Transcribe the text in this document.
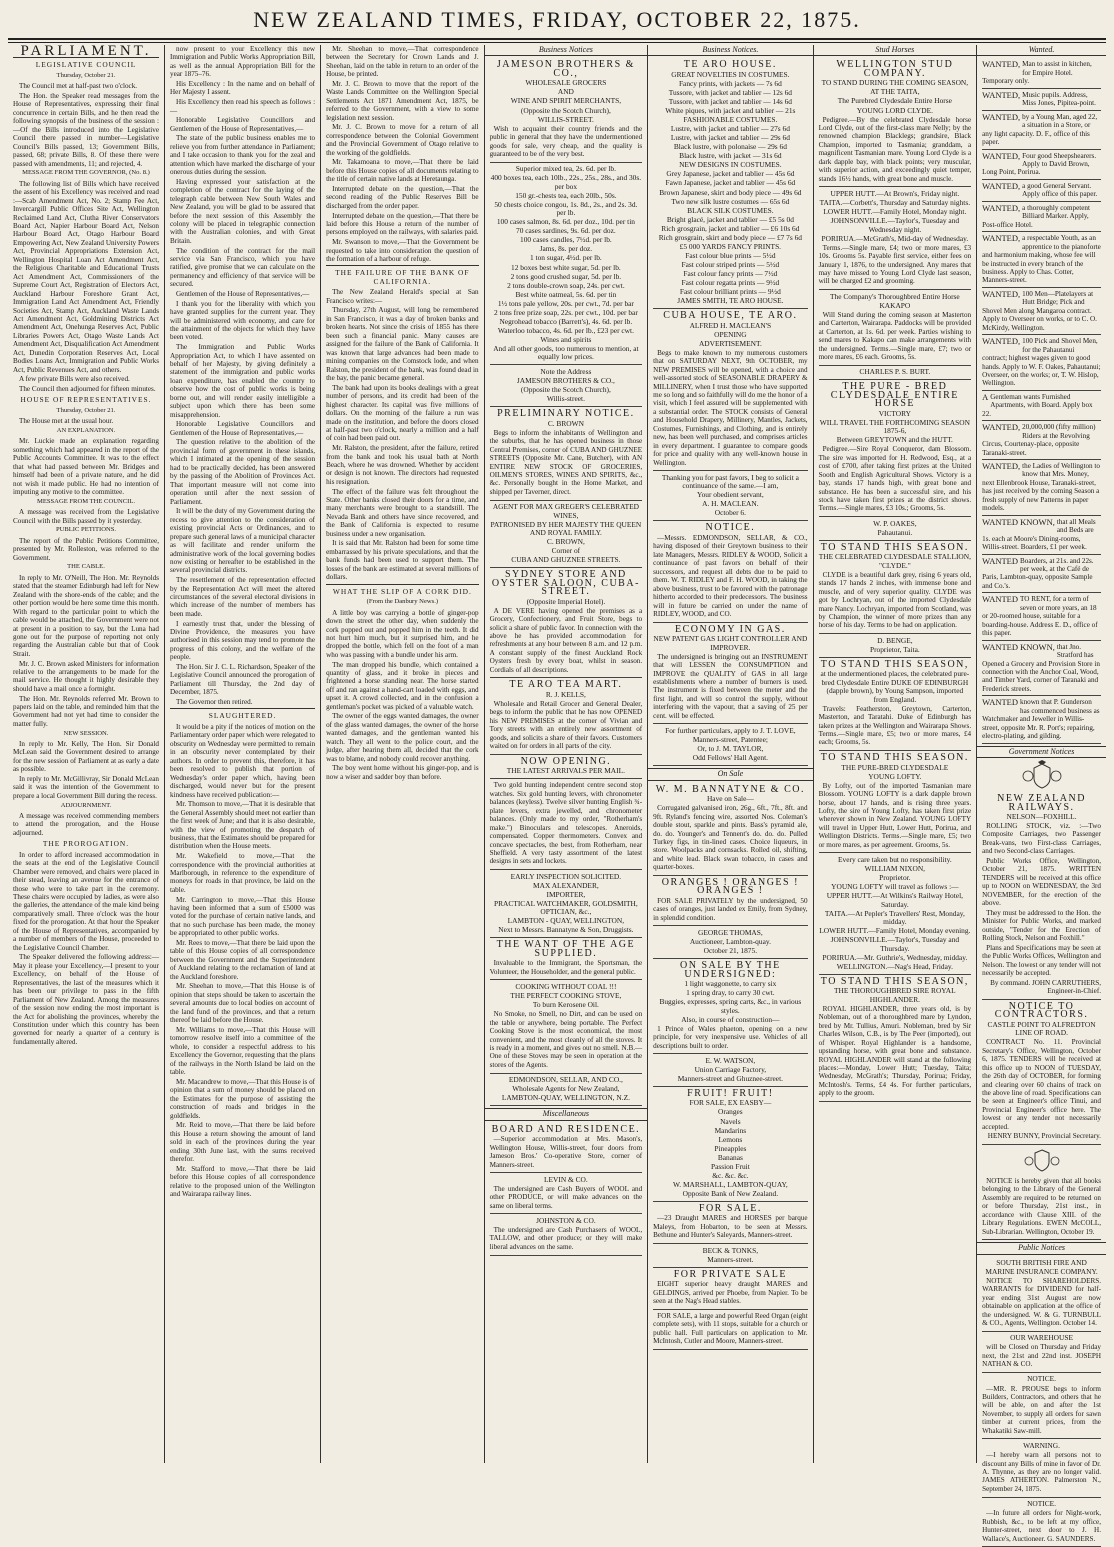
NEW ZEALAND TIMES, FRIDAY, OCTOBER 22, 1875.
PARLIAMENT.
LEGISLATIVE COUNCIL
Thursday, October 21.

The Council met at half-past two o'clock.

The Hon. the Speaker read messages from the House of Representatives, expressing their final concurrence in certain Bills, and he then read the following synopsis of the business of the session :—Of the Bills introduced into the Legislative Council there passed in number—Legislative Council's Bills passed, 13; Government Bills, passed, 68; private Bills, 8. Of these there were passed with amendments, 11; and rejected, 4.

MESSAGE FROM THE GOVERNOR, (No. 8.)

The following list of Bills which have received the assent of his Excellency was received and read :—Scab Amendment Act, No. 2; Stamp Fee Act, Invercargill Public Offices Site Act, Wellington Reclaimed Land Act, Clutha River Conservators Board Act, Napier Harbour Board Act, Nelson Harbour Board Act, Otago Harbour Board Empowering Act, New Zealand University Powers Act, Provincial Appropriations Extension Act, Wellington Hospital Loan Act Amendment Act, the Religious Charitable and Educational Trusts Act Amendment Act, Commissioners of the Supreme Court Act, Registration of Electors Act, Auckland Harbour Foreshore Grant Act, Immigration Land Act Amendment Act, Friendly Societies Act, Stamp Act, Auckland Waste Lands Act Amendment Act, Goldmining Districts Act Amendment Act, Onehunga Reserves Act, Public Libraries Powers Act, Otago Waste Lands Act Amendment Act, Disqualification Act Amendment Act, Dunedin Corporation Reserves Act, Local Bodies Loans Act, Immigration and Public Works Act, Public Revenues Act, and others.

A few private Bills were also received.

The Council then adjourned for fifteen minutes.

HOUSE OF REPRESENTATIVES.
Thursday, October 21.

The House met at the usual hour.

AN EXPLANATION.

Mr. Luckie made an explanation regarding something which had appeared in the report of the Public Accounts Committee. It was to the effect that what had passed between Mr. Bridges and himself had been of a private nature, and he did not wish it made public. He had no intention of imputing any motive to the committee.

MESSAGE FROM THE COUNCIL.

A message was received from the Legislative Council with the Bills passed by it yesterday.

PUBLIC PETITIONS.

The report of the Public Petitions Committee, presented by Mr. Rolleston, was referred to the Government.

THE CABLE.

In reply to Mr. O'Neill, The Hon. Mr. Reynolds stated that the steamer Edinburgh had left for New Zealand with the shore-ends of the cable; and the other portion would be here some time this month. With regard to the particular point to which the cable would be attached, the Government were not at present in a position to say, but the Luna had gone out for the purpose of reporting not only regarding the Australian cable but that of Cook Strait.

Mr. J. C. Brown asked Ministers for information relative to the arrangements to be made for the mail service. He thought it highly desirable they should have a mail once a fortnight.

The Hon. Mr. Reynolds referred Mr. Brown to papers laid on the table, and reminded him that the Government had not yet had time to consider the matter fully.

NEW SESSION.

In reply to Mr. Kelly, The Hon. Sir Donald McLean said the Government desired to arrange for the new session of Parliament at as early a date as possible.

In reply to Mr. McGillivray, Sir Donald McLean said it was the intention of the Government to prepare a local Government Bill during the recess.

ADJOURNMENT.

A message was received commending members to attend the prorogation, and the House adjourned.

THE PROROGATION.

In order to afford increased accommodation in the seats at the end of the Legislative Council Chamber were removed, and chairs were placed in their stead, leaving an avenue for the entrance of those who were to take part in the ceremony. These chairs were occupied by ladies, as were also the galleries, the attendance of the male kind being comparatively small. Three o'clock was the hour fixed for the prorogation. At that hour the Speaker of the House of Representatives, accompanied by a number of members of the House, proceeded to the Legislative Council Chamber.

The Speaker delivered the following address:—May it please your Excellency,—I present to your Excellency, on behalf of the House of Representatives, the last of the measures which it has been our privilege to pass in the fifth Parliament of New Zealand. Among the measures of the session now ending the most important is the Act for abolishing the provinces, whereby the Constitution under which this country has been governed for nearly a quarter of a century is fundamentally altered.

now present to your Excellency this new Immigration and Public Works Appropriation Bill, as well as the annual Appropriation Bill for the year 1875–76.

His Excellency : In the name and on behalf of Her Majesty I assent.

His Excellency then read his speech as follows :—

Honorable Legislative Councillors and Gentlemen of the House of Representatives,—

The state of the public business enables me to relieve you from further attendance in Parliament; and I take occasion to thank you for the zeal and attention which have marked the discharge of your onerous duties during the session.

Having expressed your satisfaction at the completion of the contract for the laying of the telegraph cable between New South Wales and New Zealand, you will be glad to be assured that before the next session of this Assembly the colony will be placed in telegraphic connection with the Australian colonies, and with Great Britain.

The condition of the contract for the mail service via San Francisco, which you have ratified, give promise that we can calculate on the permanency and efficiency of that service will be secured.

Gentlemen of the House of Representatives,—

I thank you for the liberality with which you have granted supplies for the current year. They will be administered with economy, and care for the attainment of the objects for which they have been voted.

The Immigration and Public Works Appropriation Act, to which I have assented on behalf of her Majesty, by giving definitely a statement of the immigration and public works loan expenditure, has enabled the country to observe how the cost of public works is being borne out, and will render easily intelligible a subject upon which there has been some misapprehension.

Honorable Legislative Councillors and Gentlemen of the House of Representatives,—

The question relative to the abolition of the provincial form of government in these islands, which I intimated at the opening of the session had to be practically decided, has been answered by the passing of the Abolition of Provinces Act. That important measure will not come into operation until after the next session of Parliament.

It will be the duty of my Government during the recess to give attention to the consideration of existing provincial Acts or Ordinances, and to prepare such general laws of a municipal character as will facilitate and render uniform the administrative work of the local governing bodies now existing or hereafter to be established in the several provincial districts.

The resettlement of the representation effected by the Representation Act will meet the altered circumstances of the several electoral divisions in which increase of the number of members has been made.

I earnestly trust that, under the blessing of Divine Providence, the measures you have authorised in this session may tend to promote the progress of this colony, and the welfare of the people.

The Hon. Sir J. C. L. Richardson, Speaker of the Legislative Council announced the prorogation of Parliament till Thursday, the 2nd day of December, 1875.

The Governor then retired.

SLAUGHTERED.

It would be a pity if the notices of motion on the Parliamentary order paper which were relegated to obscurity on Wednesday were permitted to remain in an obscurity never contemplated by their authors. In order to prevent this, therefore, it has been resolved to publish that portion of Wednesday's order paper which, having been discharged, would never but for the present kindness have received publication:—

Mr. Thomson to move,—That it is desirable that the General Assembly should meet not earlier than the first week of June; and that it is also desirable, with the view of promoting the despatch of business, that the Estimates should be prepared for distribution when the House meets.

Mr. Wakefield to move,—That the correspondence with the provincial authorities at Marlborough, in reference to the expenditure of moneys for roads in that province, be laid on the table.

Mr. Carrington to move,—That this House having been informed that a sum of £5000 was voted for the purchase of certain native lands, and that no such purchase has been made, the money be appropriated to other public works.

Mr. Rees to move,—That there be laid upon the table of this House copies of all correspondence between the Government and the Superintendent of Auckland relating to the reclamation of land at the Auckland foreshore.

Mr. Sheehan to move,—That this House is of opinion that steps should be taken to ascertain the several amounts due to local bodies on account of the land fund of the provinces, and that a return thereof be laid before the House.

Mr. Williams to move,—That this House will tomorrow resolve itself into a committee of the whole, to consider a respectful address to his Excellency the Governor, requesting that the plans of the railways in the North Island be laid on the table.

Mr. Macandrew to move,—That this House is of opinion that a sum of money should be placed on the Estimates for the purpose of assisting the construction of roads and bridges in the goldfields.

Mr. Reid to move,—That there be laid before this House a return showing the amount of land sold in each of the provinces during the year ending 30th June last, with the sums received therefor.

Mr. Stafford to move,—That there be laid before this House copies of all correspondence relative to the proposed union of the Wellington and Wairarapa railway lines.

Mr. Sheehan to move,—That correspondence between the Secretary for Crown Lands and J. Sheehan, laid on the table in return to an order of the House, be printed.

Mr. J. C. Brown to move that the report of the Waste Lands Committee on the Wellington Special Settlements Act 1871 Amendment Act, 1875, be referred to the Government, with a view to some legislation next session.

Mr. J. C. Brown to move for a return of all correspondence between the Colonial Government and the Provincial Government of Otago relative to the working of the goldfields.

Mr. Takamoana to move,—That there be laid before this House copies of all documents relating to the title of certain native lands at Heretaunga.

Interrupted debate on the question,—That the second reading of the Public Reserves Bill be discharged from the order paper.

Interrupted debate on the question,—That there be laid before this House a return of the number of persons employed on the railways, with salaries paid.

Mr. Swanson to move,—That the Government be requested to take into consideration the question of the formation of a harbour of refuge.

THE FAILURE OF THE BANK OF CALIFORNIA.

The New Zealand Herald's special at San Francisco writes:—

Thursday, 27th August, will long be remembered in San Francisco, it was a day of broken banks and broken hearts. Not since the crisis of 1855 has there been such a financial panic. Many causes are assigned for the failure of the Bank of California. It was known that large advances had been made to mining companies on the Comstock lode, and when Ralston, the president of the bank, was found dead in the bay, the panic became general.

The bank had upon its books dealings with a great number of persons, and its credit had been of the highest character. Its capital was five millions of dollars. On the morning of the failure a run was made on the institution, and before the doors closed at half-past two o'clock, nearly a million and a half of coin had been paid out.

Mr. Ralston, the president, after the failure, retired from the bank and took his usual bath at North Beach, where he was drowned. Whether by accident or design is not known. The directors had requested his resignation.

The effect of the failure was felt throughout the State. Other banks closed their doors for a time, and many merchants were brought to a standstill. The Nevada Bank and others have since recovered, and the Bank of California is expected to resume business under a new organisation.

It is said that Mr. Ralston had been for some time embarrassed by his private speculations, and that the bank funds had been used to support them. The losses of the bank are estimated at several millions of dollars.

WHAT THE SLIP OF A CORK DID.
(From the Danbury News.)

A little boy was carrying a bottle of ginger-pop down the street the other day, when suddenly the cork popped out and popped him in the teeth. It did not hurt him much, but it surprised him, and he dropped the bottle, which fell on the foot of a man who was passing with a bundle under his arm.

The man dropped his bundle, which contained a quantity of glass, and it broke in pieces and frightened a horse standing near. The horse started off and ran against a hand-cart loaded with eggs, and upset it. A crowd collected, and in the confusion a gentleman's pocket was picked of a valuable watch.

The owner of the eggs wanted damages, the owner of the glass wanted damages, the owner of the horse wanted damages, and the gentleman wanted his watch. They all went to the police court, and the judge, after hearing them all, decided that the cork was to blame, and nobody could recover anything.

The boy went home without his ginger-pop, and is now a wiser and sadder boy than before.

Business Notices
JAMESON BROTHERS & CO.,
WHOLESALE GROCERS
AND
WINE AND SPIRIT MERCHANTS,
(Opposite the Scotch Church),
WILLIS-STREET.

Wish to acquaint their country friends and the public in general that they have the undermentioned goods for sale, very cheap, and the quality is guaranteed to be of the very best.

Superior mixed tea, 2s. 6d. per lb.
400 boxes tea, each 10lb., 22s., 25s., 28s., and 30s. per box
150 gr.-chests tea, each 20lb., 50s.
50 chests choice congou, 1s. 8d., 2s., and 2s. 3d. per lb.
100 cases salmon, 8s. 6d. per doz., 10d. per tin
70 cases sardines, 9s. 6d. per doz.
100 cases candles, 7½d. per lb.
Jams, 8s. per doz.
1 ton sugar, 4½d. per lb.
12 boxes best white sugar, 5d. per lb.
2 tons good crushed sugar, 5d. per lb.
2 tons double-crown soap, 24s. per cwt.
Best white oatmeal, 5s. 6d. per tin
1½ tons pale yellow, 20s. per cwt., 7d. per bar
2 tons free prize soap, 22s. per cwt., 10d. per bar
Negrohead tobacco (Barrett's), 4s. 6d. per lb.
Waterloo tobacco, 4s. 6d. per lb., £23 per cwt.
Wines and spirits
And all other goods, too numerous to mention, at equally low prices.
Note the Address
JAMESON BROTHERS & CO.,
(Opposite the Scotch Church),
Willis-street.
PRELIMINARY NOTICE.
C. BROWN

Begs to inform the inhabitants of Wellington and the suburbs, that he has opened business in those Central Premises, corner of CUBA AND GHUZNEE STREETS (Opposite Mr. Cane, Butcher), with AN ENTIRE NEW STOCK OF GROCERIES, OILMEN'S STORES, WINES AND SPIRITS, &c., &c. Personally bought in the Home Market, and shipped per Taverner, direct.

AGENT FOR MAX GREGER'S CELEBRATED WINES,
PATRONISED BY HER MAJESTY THE QUEEN AND ROYAL FAMILY.
C. BROWN,
Corner of
CUBA AND GHUZNEE STREETS.
SYDNEY STORE AND OYSTER SALOON, CUBA-STREET.
(Opposite Imperial Hotel).

A DE VERE having opened the premises as a Grocery, Confectionery, and Fruit Store, begs to solicit a share of public favor. In connection with the above he has provided accommodation for refreshments at any hour between 8 a.m. and 12 p.m. A constant supply of the finest Auckland Rock Oysters fresh by every boat, whilst in season. Cordials of all descriptions.

TE ARO TEA MART.
R. J. KELLS,

Wholesale and Retail Grocer and General Dealer, begs to inform the public that he has now OPENED his NEW PREMISES at the corner of Vivian and Tory streets with an entirely new assortment of goods, and solicits a share of their favors. Customers waited on for orders in all parts of the city.

NOW OPENING.
THE LATEST ARRIVALS PER MAIL.

Two gold hunting independent centre second stop watches. Six gold hunting levers, with chronometer balances (keyless). Twelve silver hunting English ¾-plate levers, extra jewelled, and chronometer balances. (Only made to my order, "Rotherham's make.") Binoculars and telescopes. Aneroids, compensated. Copper thermometers. Convex and concave spectacles, the best, from Rotherham, near Sheffield. A very tasty assortment of the latest designs in sets and lockets.

EARLY INSPECTION SOLICITED.
MAX ALEXANDER,
IMPORTER,
PRACTICAL WATCHMAKER, GOLDSMITH, OPTICIAN, &c.,
LAMBTON - QUAY, WELLINGTON,
Next to Messrs. Bannatyne & Son, Druggists.
THE WANT OF THE AGE SUPPLIED.

Invaluable to the Immigrant, the Sportsman, the Volunteer, the Householder, and the general public.

COOKING WITHOUT COAL !!!
THE PERFECT COOKING STOVE,
To burn Kerosene Oil.

No Smoke, no Smell, no Dirt, and can be used on the table or anywhere, being portable. The Perfect Cooking Stove is the most economical, the most convenient, and the most cleanly of all the stoves. It is ready in a moment, and gives out no smell. N.B.—One of these Stoves may be seen in operation at the stores of the Agents.

EDMONDSON, SELLAR, AND CO.,
Wholesale Agents for New Zealand,
LAMBTON-QUAY, WELLINGTON, N.Z.
Miscellaneous
BOARD AND RESIDENCE.

—Superior accommodation at Mrs. Mason's, Wellington House, Willis-street, four doors from Jameson Bros.' Co-operative Store, corner of Manners-street.

LEVIN & CO.

The undersigned are Cash Buyers of WOOL and other PRODUCE, or will make advances on the same on liberal terms.

JOHNSTON & CO.

The undersigned are Cash Purchasers of WOOL, TALLOW, and other produce; or they will make liberal advances on the same.

Business Notices.
TE ARO HOUSE.
GREAT NOVELTIES IN COSTUMES.
Fancy prints, with jackets — 7s 6d
Tussore, with jacket and tablier — 12s 6d
Tussore, with jacket and tablier — 14s 6d
White piques, with jacket and tablier — 21s
FASHIONABLE COSTUMES.
Lustre, with jacket and tablier — 27s 6d
Lustre, with jacket and tablier — 29s 6d
Black lustre, with polonaise — 29s 6d
Black lustre, with jacket — 31s 6d
NEW DESIGNS IN COSTUMES.
Grey Japanese, jacket and tablier — 45s 6d
Fawn Japanese, jacket and tablier — 45s 6d
Brown Japanese, skirt and body piece — 49s 6d
Two new silk lustre costumes — 65s 6d
BLACK SILK COSTUMES.
Bright glacé, jacket and tablier — £5 5s 0d
Rich grosgrain, jacket and tablier — £6 10s 6d
Rich grosgrain, skirt and body piece — £7 7s 6d
£5 000 YARDS FANCY PRINTS.
Fast colour blue prints — 5½d
Fast colour striped prints — 5½d
Fast colour fancy prints — 7½d
Fast colour regatta prints — 9½d
Fast colour brilliant prints — 9½d
JAMES SMITH, TE ARO HOUSE.
CUBA HOUSE, TE ARO.
ALFRED H. MACLEAN'S
OPENING
ADVERTISEMENT.

Begs to make known to my numerous customers that on SATURDAY NEXT, 9th OCTOBER, my NEW PREMISES will be opened, with a choice and well-assorted stock of SEASONABLE DRAPERY & MILLINERY, when I trust those who have supported me so long and so faithfully will do me the honor of a visit, which I feel assured will be supplemented with a substantial order. The STOCK consists of General and Household Drapery, Millinery, Mantles, Jackets, Costumes, Furnishings, and Clothing, and is entirely new, has been well purchased, and comprises articles in every department. I guarantee to compare goods for price and quality with any well-known house in Wellington.

Thanking you for past favors, I beg to solicit a continuance of the same.—I am,
Your obedient servant,
A. H. MACLEAN.
October 6.
NOTICE.

—Messrs. EDMONDSON, SELLAR, & CO., having disposed of their Greytown business to their late Managers, Messrs. RIDLEY & WOOD, Solicit a continuance of past favors on behalf of their successors, and request all debts due to be paid to them. W. T. RIDLEY and F. H. WOOD, in taking the above business, trust to be favored with the patronage hitherto accorded to their predecessors. The business will in future be carried on under the name of RIDLEY, WOOD, and CO.

ECONOMY IN GAS.
NEW PATENT GAS LIGHT CONTROLLER AND IMPROVER.

The undersigned is bringing out an INSTRUMENT that will LESSEN the CONSUMPTION and IMPROVE the QUALITY of GAS in all large establishments where a number of burners is used. The instrument is fixed between the meter and the first light, and will so control the supply, without interfering with the vapour, that a saving of 25 per cent. will be effected.

For further particulars, apply to J. T. LOVE,
Manners-street, Patentee;
Or, to J. M. TAYLOR,
Odd Fellows' Hall Agent.
On Sale
W. M. BANNATYNE & CO.
Have on Sale—

Corrugated galvanised iron, 26g., 6ft., 7ft., 8ft. and 9ft. Ryland's fencing wire, assorted Nos. Coleman's double stout, sparkle and pints. Bass's pyramid ale, do. do. Younger's and Tennent's do. do. do. Pulled Turkey figs, in tin-lined cases. Choice liqueurs, in store. Woolpacks and cornsacks. Rolled oil, shifting, and white lead. Black swan tobacco, in cases and quarter-boxes.

ORANGES ! ORANGES ! ORANGES !

FOR SALE PRIVATELY by the undersigned, 50 cases of oranges, just landed ex Emily, from Sydney, in splendid condition.

GEORGE THOMAS,
Auctioneer, Lambton-quay.
October 21, 1875.
ON SALE BY THE UNDERSIGNED:
1 light waggonette, to carry six
1 spring dray, to carry 30 cwt.
Buggies, expresses, spring carts, &c., in various styles.
Also, in course of construction—

1 Prince of Wales phaeton, opening on a new principle, for very inexpensive use. Vehicles of all descriptions built to order.

E. W. WATSON,
Union Carriage Factory,
Manners-street and Ghuznee-street.
FRUIT! FRUIT!
FOR SALE, EX EASBY—
Oranges
Navels
Mandarins
Lemons
Pineapples
Bananas
Passion Fruit
&c. &c. &c.
W. MARSHALL, LAMBTON-QUAY,
Opposite Bank of New Zealand.
FOR SALE.

—23 Draught MARES and HORSES per barque Maleys, from Hobarton, to be seen at Messrs. Bethune and Hunter's Saleyards, Manners-street.

BECK & TONKS,
Manners-street.
FOR PRIVATE SALE

EIGHT superior heavy draught MARES and GELDINGS, arrived per Phoebe, from Napier. To be seen at the Nag's Head stables.

FOR SALE, a large and powerful Reed Organ (eight complete sets), with 11 stops, suitable for a church or public hall. Full particulars on application to Mr. McIntosh, Cutler and Moore, Manners-street.

Stud Horses
WELLINGTON STUD COMPANY.
TO STAND DURING THE COMING SEASON,
AT THE TAITA,
The Purebred Clydesdale Entire Horse
YOUNG LORD CLYDE.

Pedigree.—By the celebrated Clydesdale horse Lord Clyde, out of the first-class mare Nelly; by the renowned champion Blacklegs; grandsire, Black Champion, imported to Tasmania; granddam, a magnificent Tasmanian mare. Young Lord Clyde is a dark dapple bay, with black points; very muscular, with superior action, and exceedingly quiet temper, stands 16½ hands, with great bone and muscle.

UPPER HUTT.—At Brown's, Friday night.
TAITA.—Corbett's, Thursday and Saturday nights.
LOWER HUTT.—Family Hotel, Monday night.
JOHNSONVILLE.—Taylor's, Tuesday and Wednesday night.
PORIRUA.—McGrath's, Mid-day of Wednesday.

Terms.—Single mare, £4; two or more mares, £3 10s. Grooms 5s. Payable first service, either fees on January 1, 1876, to the undersigned. Any mares that may have missed to Young Lord Clyde last season, will be charged £2 and grooming.

The Company's Thoroughbred Entire Horse
KAKAPO

Will Stand during the coming season at Masterton and Carterton, Wairarapa. Paddocks will be provided at Carterton, at 1s. 6d. per week. Parties wishing to send mares to Kakapo can make arrangements with the undersigned. Terms.—Single mare, £7; two or more mares, £6 each. Grooms, 5s.

CHARLES P. S. BURT.
THE PURE - BRED CLYDESDALE ENTIRE HORSE
VICTORY
WILL TRAVEL THE FORTHCOMING SEASON 1875-6,
Between GREYTOWN and the HUTT.

Pedigree.—Sire Royal Conqueror, dam Blossom. The sire was imported for H. Redwood, Esq., at a cost of £700, after taking first prizes at the United Sooth and English Agricultural Shows. Victory is a bay, stands 17 hands high, with great bone and substance. He has been a successful sire, and his stock have taken first prizes at the district shows. Terms.—Single mares, £3 10s.; Grooms, 5s.

W. P. OAKES,
Pahautanui.
TO STAND THIS SEASON.
THE CELEBRATED CLYDESDALE STALLION, "CLYDE."

CLYDE is a beautiful dark grey, rising 6 years old, stands 17 hands 2 inches, with immense bone and muscle, and of very superior quality. CLYDE was got by Lochryan, out of the imported Clydesdale mare Nancy. Lochryan, imported from Scotland, was by Champion, the winner of more prizes than any horse of his day. Terms to be had on application.

D. BENGE,
Proprietor, Taita.
TO STAND THIS SEASON,
at the undermentioned places, the celebrated pure-bred Clydesdale Entire DUKE OF EDINBURGH (dapple brown), by Young Sampson, imported from England.

Travels: Featherston, Greytown, Carterton, Masterton, and Taratahi. Duke of Edinburgh has taken prizes at the Wellington and Wairarapa Shows. Terms.—Single mare, £5; two or more mares, £4 each; Grooms, 5s.

TO STAND THIS SEASON.
THE PURE-BRED CLYDESDALE
YOUNG LOFTY.

By Lofty, out of the imported Tasmanian mare Blossom. YOUNG LOFTY is a dark dapple brown horse, about 17 hands, and is rising three years. Lofty, the sire of Young Lofty, has taken first prize wherever shown in New Zealand. YOUNG LOFTY will travel in Upper Hutt, Lower Hutt, Porirua, and Wellington Districts. Terms.—Single mare, £5; two or more mares, as per agreement. Grooms, 5s.

Every care taken but no responsibility.
WILLIAM NIXON,
Proprietor.
YOUNG LOFTY will travel as follows :—
UPPER HUTT.—At Wilkins's Railway Hotel, Saturday.
TAITA.—At Pepler's Travellers' Rest, Monday, midday.
LOWER HUTT.—Family Hotel, Monday evening.
JOHNSONVILLE.—Taylor's, Tuesday and Thursday.
PORIRUA.—Mr. Guthrie's, Wednesday, midday.
WELLINGTON.—Nag's Head, Friday.
TO STAND THIS SEASON,
THE THOROUGHBRED SIRE ROYAL HIGHLANDER.

ROYAL HIGHLANDER, three years old, is by Nobleman, out of a thoroughbred mare by Lyndon, bred by Mr. Tullius, Amuri. Nobleman, bred by Sir Charles Wilson, C.B., is by The Peer (imported), out of Whisper. Royal Highlander is a handsome, upstanding horse, with great bone and substance. ROYAL HIGHLANDER will stand at the following places:—Monday, Lower Hutt; Tuesday, Taita; Wednesday, McGrath's; Thursday, Porirua; Friday, McIntosh's. Terms, £4 4s. For further particulars, apply to the groom.

Wanted.

WANTED, Man to assist in kitchen, for Empire Hotel. Temporary only.

WANTED, Music pupils. Address, Miss Jones, Pipitea-point.

WANTED, by a Young Man, aged 22, a situation in a Store, or any light capacity. D. F., office of this paper.

WANTED, Four good Sheepshearers. Apply to David Brown, Long Point, Porirua.

WANTED, a good General Servant. Apply office of this paper.

WANTED, a thoroughly competent Billiard Marker. Apply, Post-office Hotel.

WANTED, a respectable Youth, as an apprentice to the pianoforte and harmonium making, whose fee will be instructed in every branch of the business. Apply to Chas. Cotter, Manners-street.

WANTED, 100 Men—Platelayers at Hutt Bridge; Pick and Shovel Men along Mangaroa contract. Apply to Overseer on works, or to C. O. McKirdy, Wellington.

WANTED, 100 Pick and Shovel Men, for the Pahautanui contract; highest wages given to good hands. Apply to W. F. Oakes, Pahautanui; Overseer, on the works; or, T. W. Hislop, Wellington.

A Gentleman wants Furnished Apartments, with Board. Apply box 22.

WANTED, 20,000,000 (fifty million) Riders at the Revolving Circus, Courtenay-place, opposite Taranaki-street.

WANTED, the Ladies of Wellington to know that Mrs. Money, next Ellenbrook House, Taranaki-street, has just received by the coming Season a fresh supply of new Patterns in paper models.

WANTED KNOWN, that all Meals and Beds are 1s. each at Moore's Dining-rooms, Willis-street. Boarders, £1 per week.

WANTED Boarders, at 21s. and 22s. per week, at the Café de Paris, Lambton-quay, opposite Sample and Co.'s.

WANTED TO RENT, for a term of seven or more years, an 18 or 20-roomed house, suitable for a boarding-house. Address E. D., office of this paper.

WANTED KNOWN, that Jno. Stratford has Opened a Grocery and Provision Store in connection with the Anchor Coal, Wood, and Timber Yard, corner of Taranaki and Frederick streets.

WANTED known that P. Gunderson has commenced business as Watchmaker and Jeweller in Willis-street, opposite Mr. R. Port's; repairing, electro-plating, and gilding.

Government Notices
NEW ZEALAND RAILWAYS.
NELSON—FOXHILL.

ROLLING STOCK, viz. :—Two Composite Carriages, two Passenger Break-vans, two First-class Carriages, and two Second-class Carriages.

Public Works Office, Wellington, October 21, 1875. WRITTEN TENDERS will be received at this office up to NOON on WEDNESDAY, the 3rd NOVEMBER, for the erection of the above.

They must be addressed to the Hon. the Minister for Public Works, and marked outside, "Tender for the Erection of Rolling Stock, Nelson and Foxhill."

Plans and Specifications may be seen at the Public Works Offices, Wellington and Nelson. The lowest or any tender will not necessarily be accepted.

By command. JOHN CARRUTHERS, Engineer-in-Chief.
NOTICE TO CONTRACTORS.
CASTLE POINT TO ALFREDTON LINE OF ROAD.

CONTRACT No. 11. Provincial Secretary's Office, Wellington, October 6, 1875. TENDERS will be received at this office up to NOON of TUESDAY, the 26th day of OCTOBER, for forming and clearing over 60 chains of track on the above line of road. Specifications can be seen at Engineer's office Tinui, and Provincial Engineer's office here. The lowest or any tender not necessarily accepted.

HENRY BUNNY, Provincial Secretary.

NOTICE is hereby given that all books belonging to the Library of the General Assembly are required to be returned on or before Thursday, 21st inst., in accordance with Clause XIII. of the Library Regulations. EWEN McCOLL, Sub-Librarian. Wellington, October 19.

Public Notices
SOUTH BRITISH FIRE AND MARINE INSURANCE COMPANY.

NOTICE TO SHAREHOLDERS. WARRANTS for DIVIDEND for half-year ending 31st August are now obtainable on application at the office of the undersigned. W. & G. TURNBULL & CO., Agents, Wellington. October 14.

OUR WAREHOUSE

will be Closed on Thursday and Friday next, the 21st and 22nd inst. JOSEPH NATHAN & CO.

NOTICE.

—MR. R. PROUSE begs to inform Builders, Contractors, and others that he will be able, on and after the 1st November, to supply all orders for sawn timber at current prices, from the Whakatiki Saw-mill.

WARNING.

—I hereby warn all persons not to discount any Bills of mine in favor of Dr. A. Thynne, as they are no longer valid. JAMES ATHERTON. Palmerston N., September 24, 1875.

NOTICE.

—In future all orders for Night-work, Rubbish, &c., to be left at my office, Hunter-street, next door to J. H. Wallace's, Auctioneer. G. SAUNDERS.
